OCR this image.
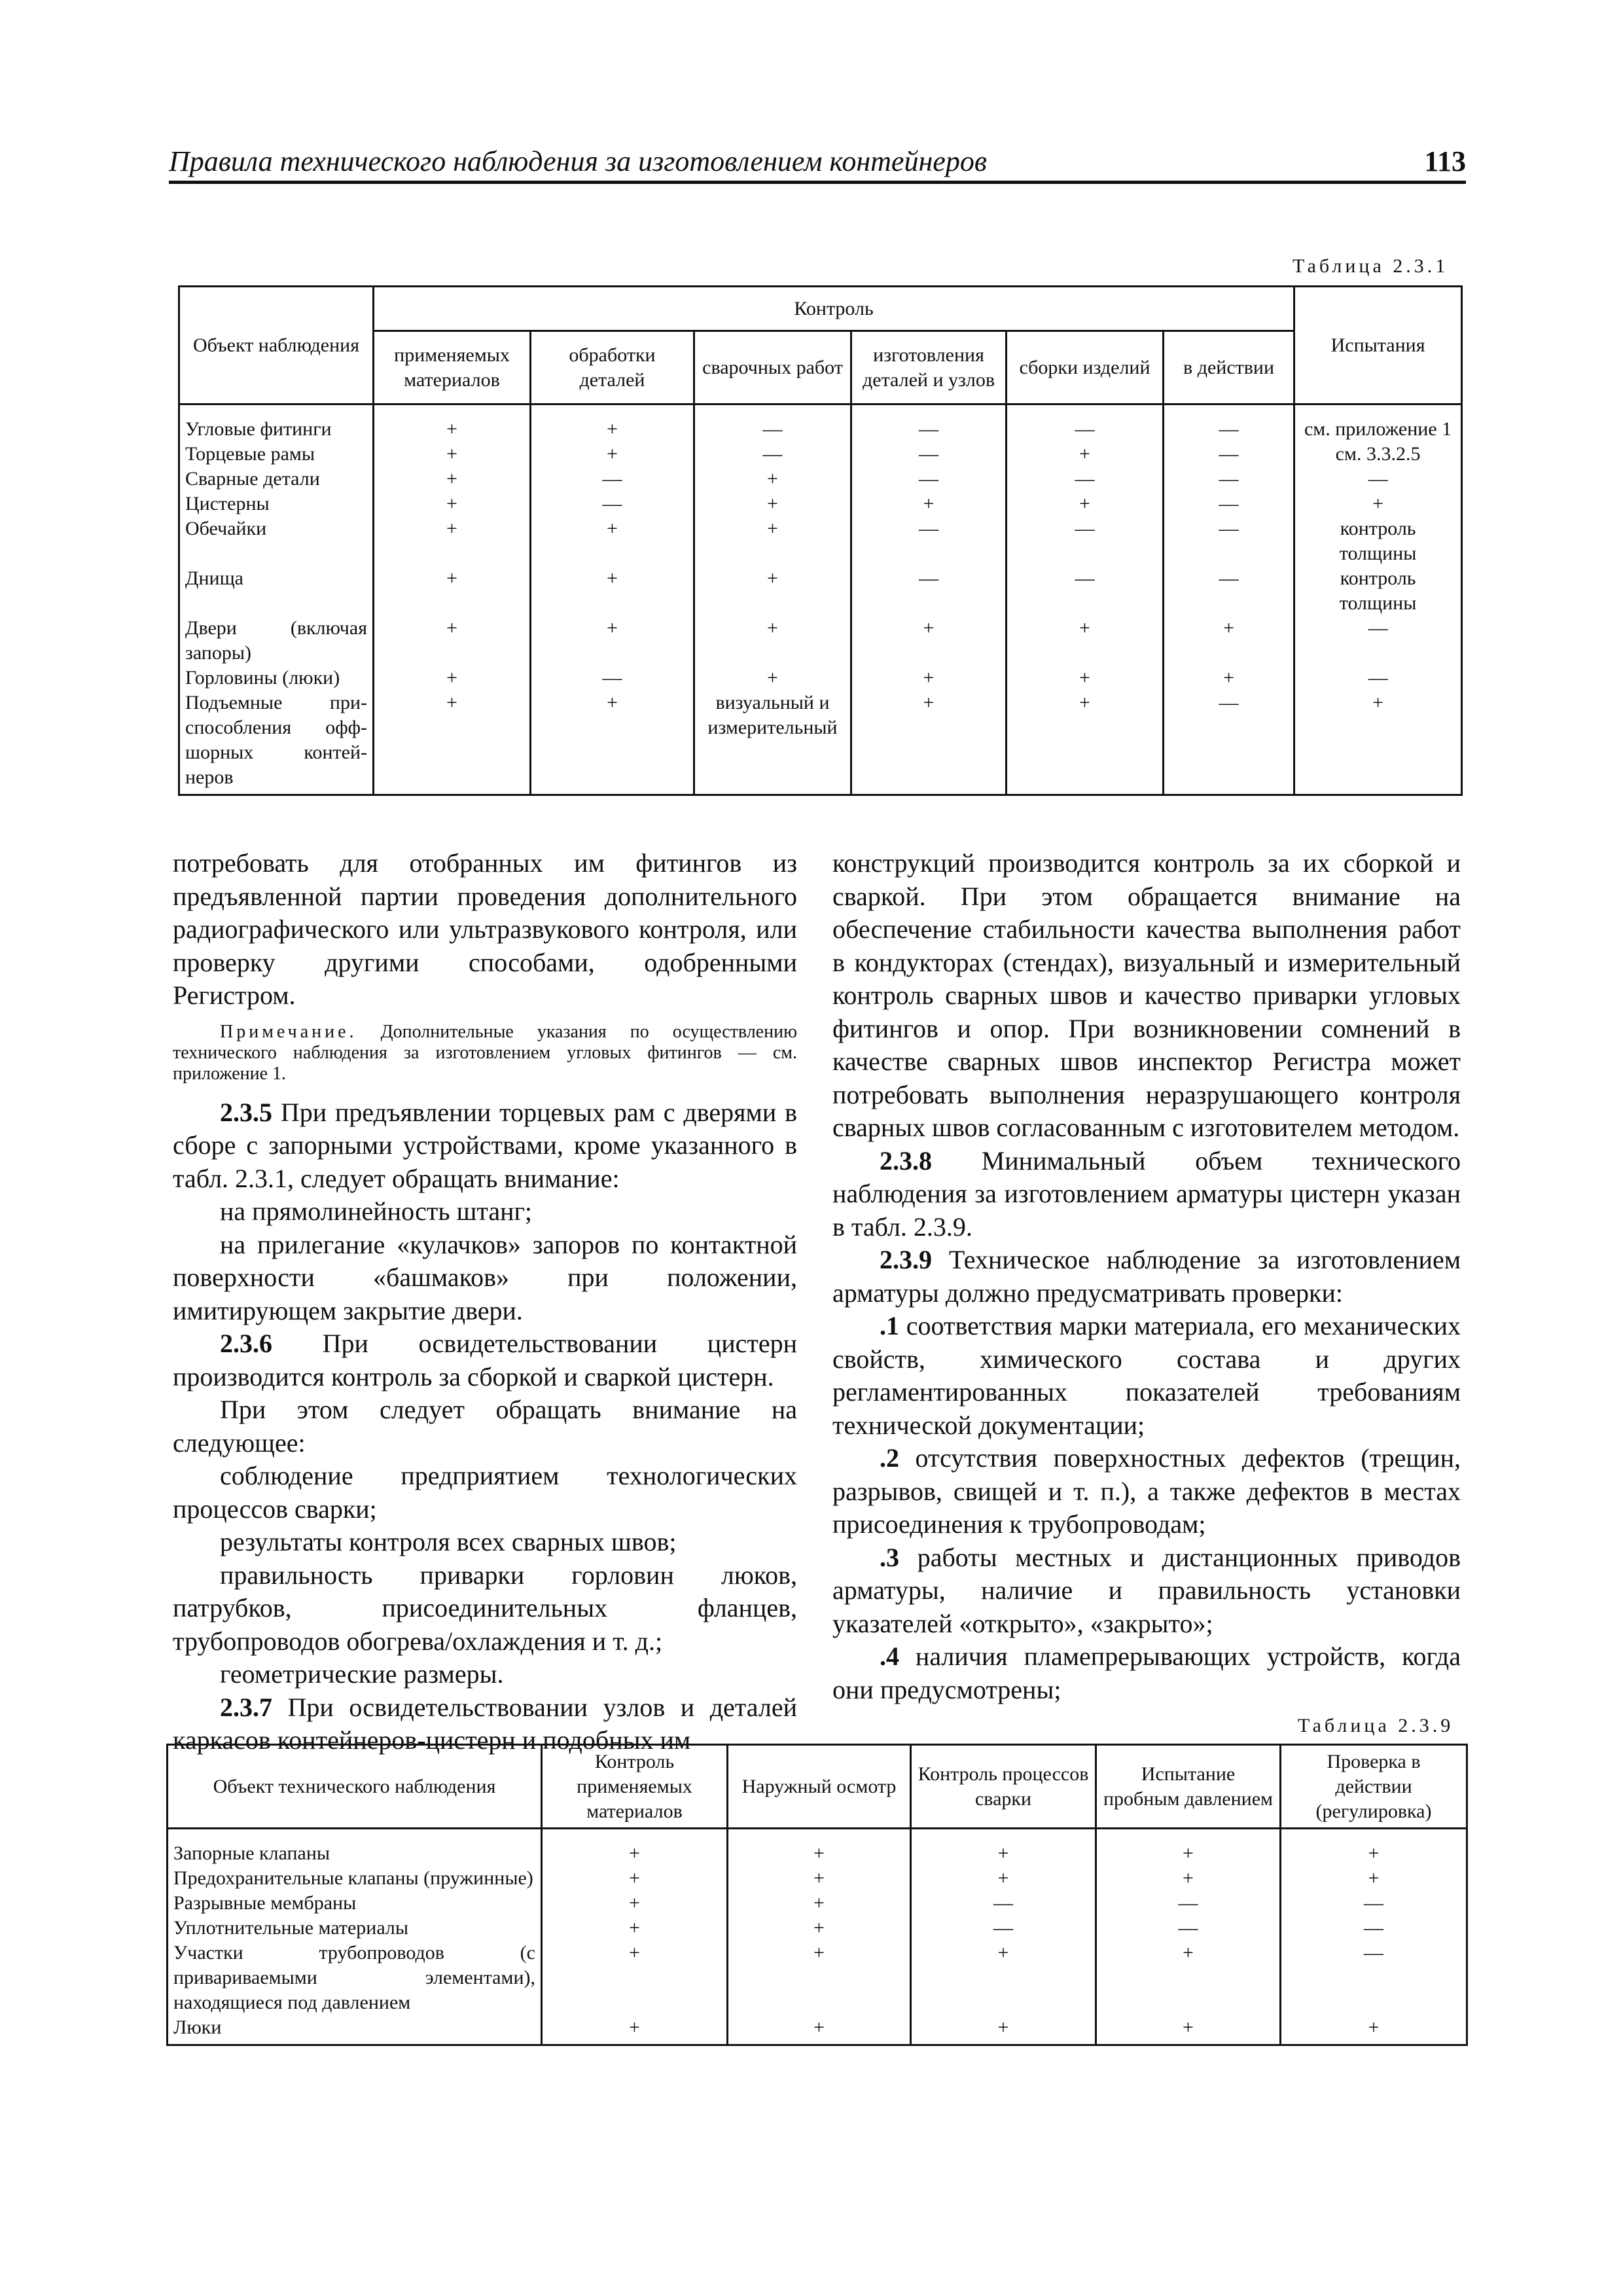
Правила технического наблюдения за изготовлением контейнеров	113
Таблица 2.3.1
Объект наблюдения	Контроль						Испытания
	применяемых материалов	обработки деталей	сварочных работ	изготовления деталей и узлов	сборки изделий	в действии	

Угловые фитинги	+	+	—	—	—	—	см. приложение 1
Торцевые рамы	+	+	—	—	+	—	см. 3.3.2.5
Сварные детали	+	—	+	—	—	—	—
Цистерны	+	—	+	+	+	—	+
Обечайки	+	+	+	—	—	—	контроль толщины
Днища	+	+	+	—	—	—	контроль толщины
Двери (включая запоры)	+	+	+	+	+	+	—
Горловины (люки)	+	—	+	+	+	+	—
Подъемные при-способления офф-шорных контей-неров	+	+	визуальный и измерительный	+	+	—	+

потребовать для отобранных им фитингов из предъявленной партии проведения дополнительного радиографического или ультразвукового контроля, или проверку другими способами, одобренными Регистром.

Примечание. Дополнительные указания по осуществлению технического наблюдения за изготовлением угловых фитингов — см. приложение 1.

2.3.5 При предъявлении торцевых рам с дверями в сборе с запорными устройствами, кроме указанного в табл. 2.3.1, следует обращать внимание:

на прямолинейность штанг;

на прилегание «кулачков» запоров по контактной поверхности «башмаков» при положении, имитирующем закрытие двери.

2.3.6 При освидетельствовании цистерн производится контроль за сборкой и сваркой цистерн.

При этом следует обращать внимание на следующее:

соблюдение предприятием технологических процессов сварки;

результаты контроля всех сварных швов;

правильность приварки горловин люков, патрубков, присоединительных фланцев, трубопроводов обогрева/охлаждения и т. д.;

геометрические размеры.

2.3.7 При освидетельствовании узлов и деталей каркасов контейнеров-цистерн и подобных им

конструкций производится контроль за их сборкой и сваркой. При этом обращается внимание на обеспечение стабильности качества выполнения работ в кондукторах (стендах), визуальный и измерительный контроль сварных швов и качество приварки угловых фитингов и опор. При возникновении сомнений в качестве сварных швов инспектор Регистра может потребовать выполнения неразрушающего контроля сварных швов согласованным с изготовителем методом.

2.3.8 Минимальный объем технического наблюдения за изготовлением арматуры цистерн указан в табл. 2.3.9.

2.3.9 Техническое наблюдение за изготовлением арматуры должно предусматривать проверки:

.1 соответствия марки материала, его механических свойств, химического состава и других регламентированных показателей требованиям технической документации;

.2 отсутствия поверхностных дефектов (трещин, разрывов, свищей и т. п.), а также дефектов в местах присоединения к трубопроводам;

.3 работы местных и дистанционных приводов арматуры, наличие и правильность установки указателей «открыто», «закрыто»;

.4 наличия пламепрерывающих устройств, когда они предусмотрены;

Таблица 2.3.9
Объект технического наблюдения	Контроль применяемых материалов	Наружный осмотр	Контроль процессов сварки	Испытание пробным давлением	Проверка в действии (регулировка)

Запорные клапаны	+	+	+	+	+
Предохранительные клапаны (пружинные)	+	+	+	+	+
Разрывные мембраны	+	+	—	—	—
Уплотнительные материалы	+	+	—	—	—
Участки трубопроводов (с привариваемыми элементами), находящиеся под давлением	+	+	+	+	—
Люки	+	+	+	+	+
